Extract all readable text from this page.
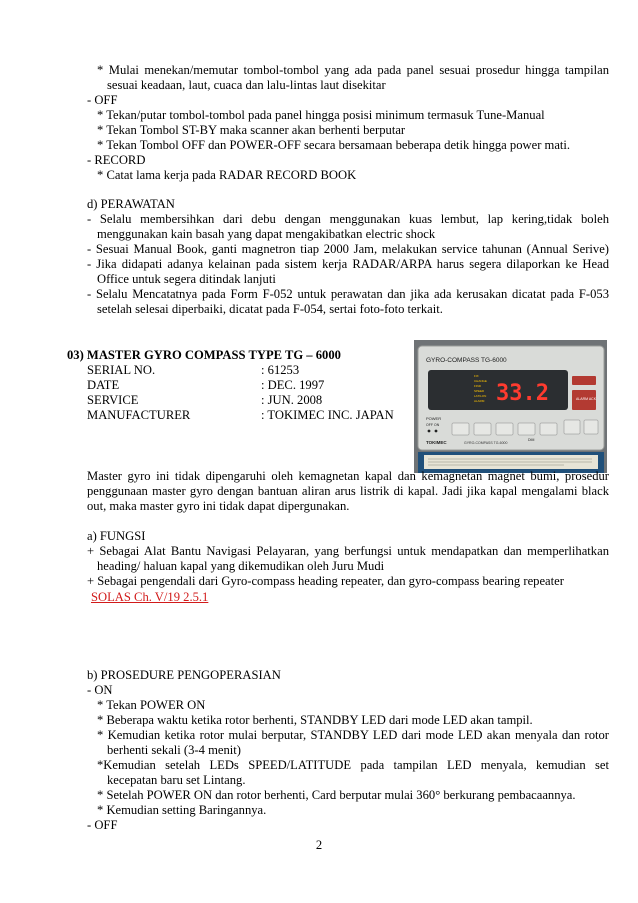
* Mulai menekan/memutar tombol-tombol yang ada pada panel sesuai prosedur hingga tampilan
sesuai keadaan, laut, cuaca dan lalu-lintas laut disekitar
- OFF
* Tekan/putar tombol-tombol pada panel hingga posisi minimum termasuk Tune-Manual
* Tekan Tombol ST-BY maka scanner akan berhenti berputar
* Tekan Tombol OFF dan POWER-OFF secara bersamaan beberapa detik hingga power mati.
- RECORD
* Catat lama kerja pada RADAR RECORD BOOK
d) PERAWATAN
- Selalu membersihkan dari debu dengan menggunakan kuas lembut, lap kering,tidak boleh
menggunakan kain basah yang dapat mengakibatkan electric shock
- Sesuai Manual Book, ganti magnetron tiap 2000 Jam, melakukan service tahunan (Annual Serive)
- Jika didapati adanya kelainan pada sistem kerja RADAR/ARPA harus segera dilaporkan ke Head
Office untuk segera ditindak lanjuti
- Selalu Mencatatnya pada Form F-052 untuk perawatan dan jika ada kerusakan dicatat pada F-053
setelah selesai diperbaiki, dicatat pada F-054, sertai foto-foto terkait.
03) MASTER GYRO COMPASS TYPE TG – 6000
SERIAL NO.	: 61253
DATE	: DEC. 1997
SERVICE	: JUN. 2008
MANUFACTURER	: TOKIMEC INC. JAPAN
GYRO-COMPASS TG-6000
FIX
CHANGE
FIND
SPEED
LAT/LON
ALARM 33.2	ALARM ACK
POWER
OFF ON
DIM
TOKIMEC	GYRO-COMPASS TG-6000
Master gyro ini tidak dipengaruhi oleh kemagnetan kapal dan kemagnetan magnet bumi, prosedur
penggunaan master gyro dengan bantuan aliran arus listrik di kapal. Jadi jika kapal mengalami black
out, maka master gyro ini tidak dapat dipergunakan.
a) FUNGSI
+ Sebagai Alat Bantu Navigasi Pelayaran, yang berfungsi untuk mendapatkan dan memperlihatkan
heading/ haluan kapal yang dikemudikan oleh Juru Mudi
+ Sebagai pengendali dari Gyro-compass heading repeater, dan gyro-compass bearing repeater
SOLAS Ch. V/19 2.5.1
b) PROSEDURE PENGOPERASIAN
- ON
* Tekan POWER ON
* Beberapa waktu ketika rotor berhenti, STANDBY LED dari mode LED akan tampil.
* Kemudian ketika rotor mulai berputar, STANDBY LED dari mode LED akan menyala dan rotor
berhenti sekali (3-4 menit)
*Kemudian setelah LEDs SPEED/LATITUDE pada tampilan LED menyala, kemudian set
kecepatan baru set Lintang.
* Setelah POWER ON dan rotor berhenti, Card berputar mulai 360° berkurang pembacaannya.
* Kemudian setting Baringannya.
- OFF
2
